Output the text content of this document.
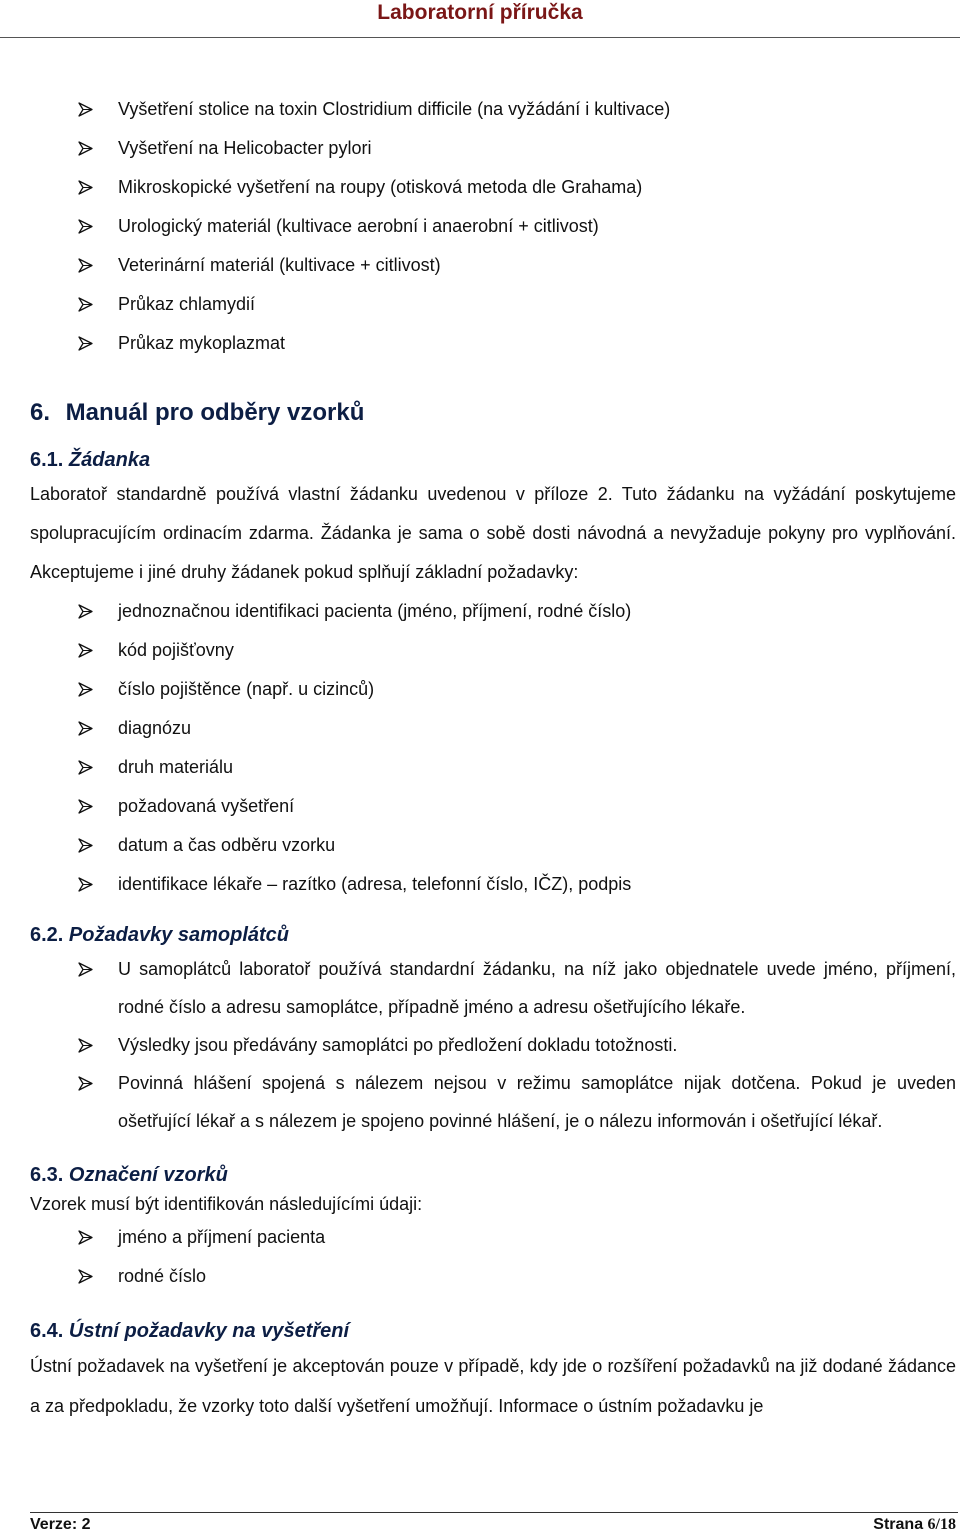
Laboratorní příručka
Vyšetření stolice na toxin Clostridium difficile (na vyžádání i kultivace)
Vyšetření na Helicobacter pylori
Mikroskopické vyšetření na roupy (otisková metoda dle Grahama)
Urologický materiál (kultivace aerobní i anaerobní + citlivost)
Veterinární materiál (kultivace + citlivost)
Průkaz chlamydií
Průkaz mykoplazmat
6. Manuál pro odběry vzorků
6.1. Žádanka

Laboratoř standardně používá vlastní žádanku uvedenou v příloze 2. Tuto žádanku na vyžádání poskytujeme spolupracujícím ordinacím zdarma. Žádanka je sama o sobě dosti návodná a nevyžaduje pokyny pro vyplňování. Akceptujeme i jiné druhy žádanek pokud splňují základní požadavky:

jednoznačnou identifikaci pacienta (jméno, příjmení, rodné číslo)
kód pojišťovny
číslo pojištěnce (např. u cizinců)
diagnózu
druh materiálu
požadovaná vyšetření
datum a čas odběru vzorku
identifikace lékaře – razítko (adresa, telefonní číslo, IČZ), podpis
6.2. Požadavky samoplátců
U samoplátců laboratoř používá standardní žádanku, na níž jako objednatele uvede jméno, příjmení, rodné číslo a adresu samoplátce, případně jméno a adresu ošetřujícího lékaře.
Výsledky jsou předávány samoplátci po předložení dokladu totožnosti.
Povinná hlášení spojená s nálezem nejsou v režimu samoplátce nijak dotčena. Pokud je uveden ošetřující lékař a s nálezem je spojeno povinné hlášení, je o nálezu informován i ošetřující lékař.
6.3. Označení vzorků

Vzorek musí být identifikován následujícími údaji:

jméno a příjmení pacienta
rodné číslo
6.4. Ústní požadavky na vyšetření

Ústní požadavek na vyšetření je akceptován pouze v případě, kdy jde o rozšíření požadavků na již dodané žádance a za předpokladu, že vzorky toto další vyšetření umožňují. Informace o ústním požadavku je

Verze: 2	Strana 6/18
